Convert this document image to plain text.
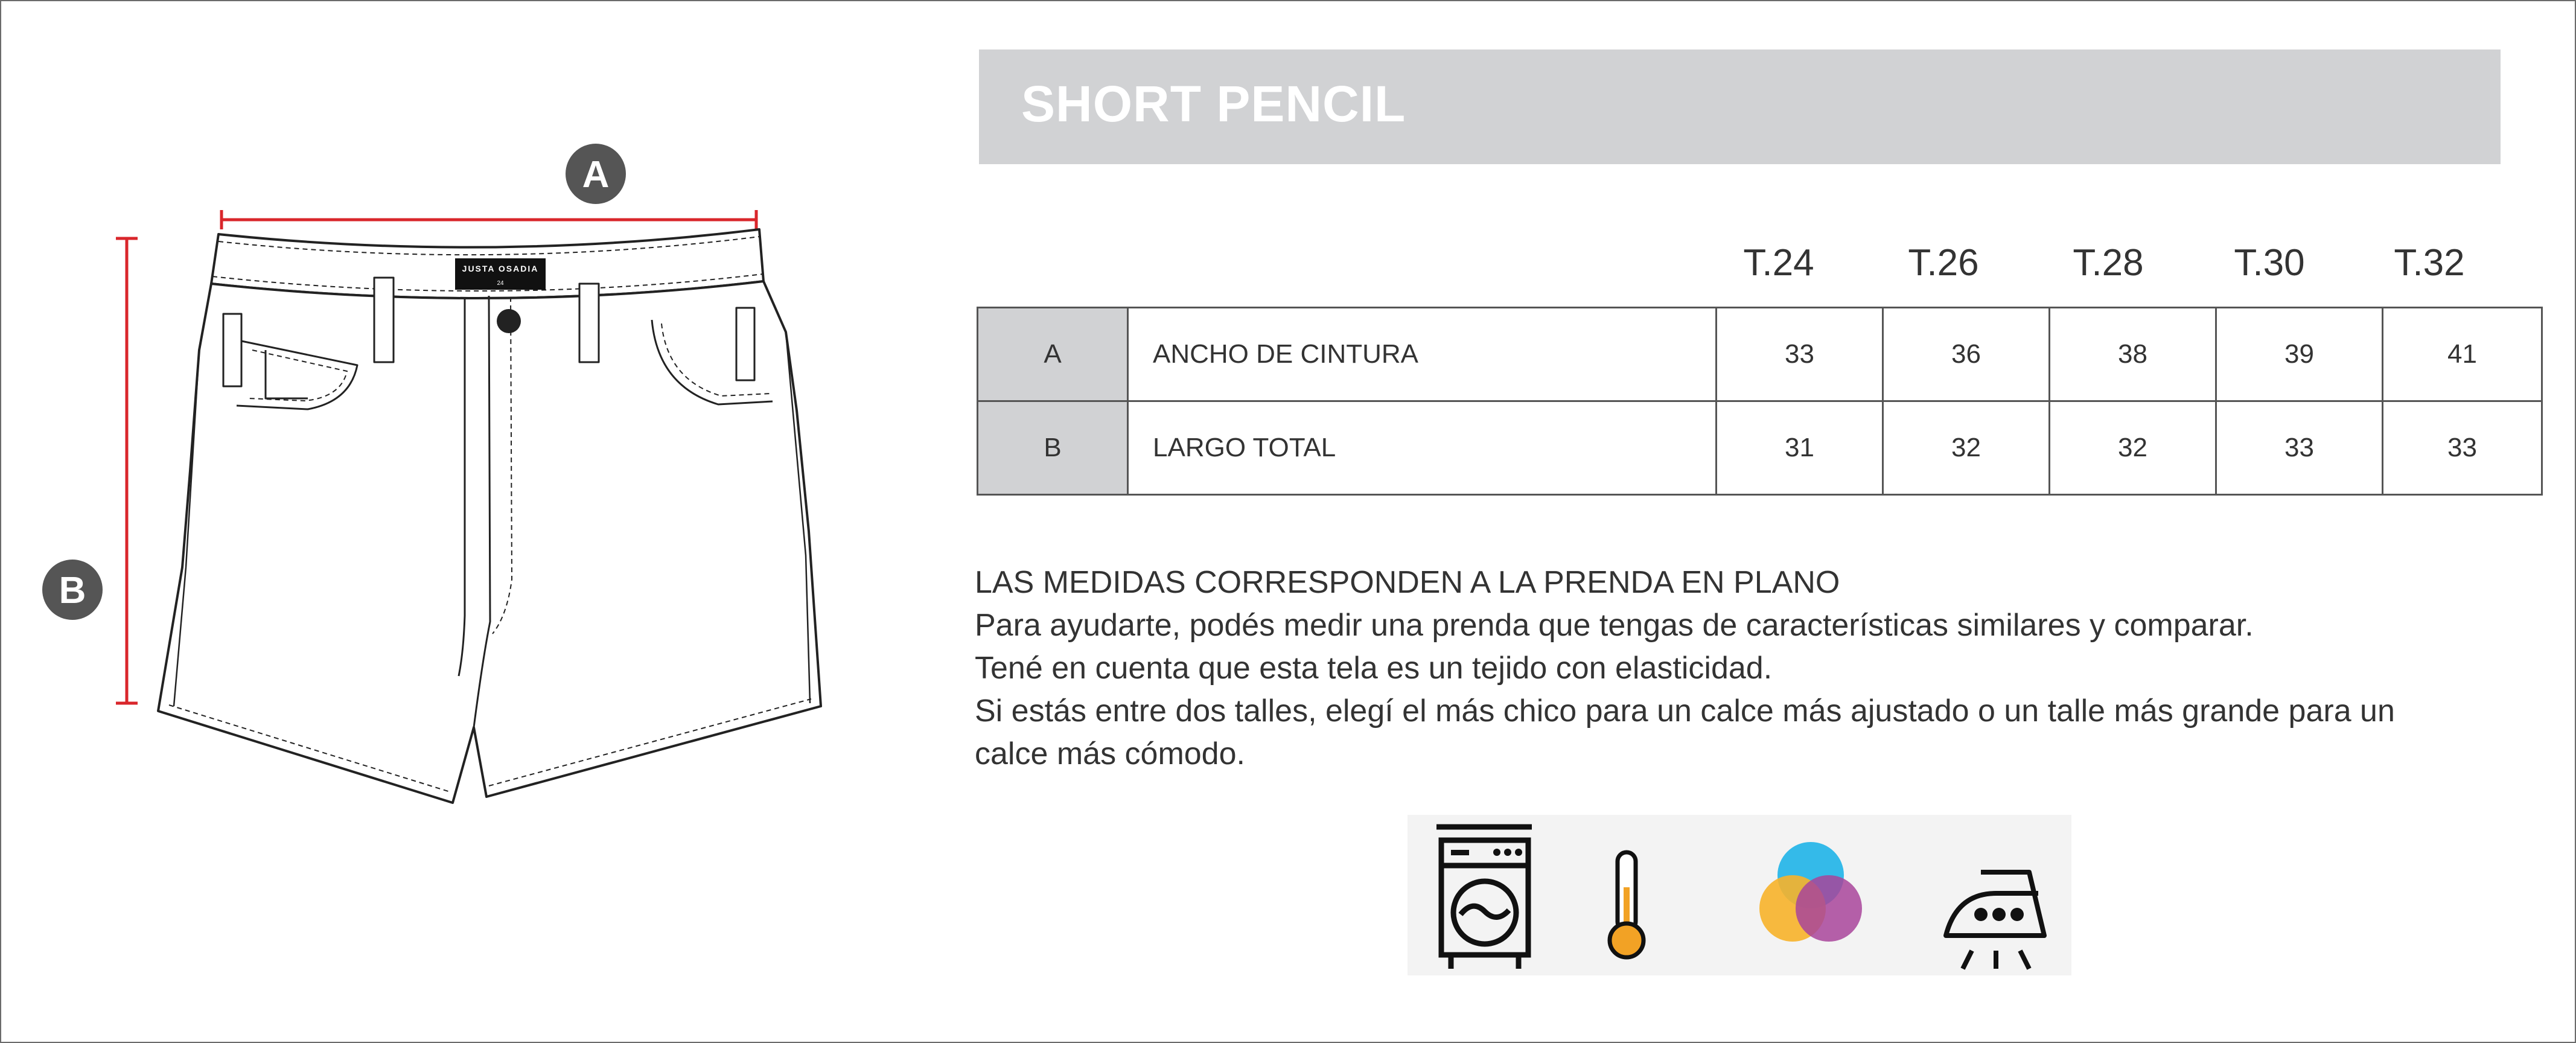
A
B
JUSTA OSADIA
24
SHORT PENCIL
T.24	T.26	T.28	T.30	T.32
A	ANCHO DE CINTURA	33	36	38	39	41
B	LARGO TOTAL	31	32	32	33	33

LAS MEDIDAS CORRESPONDEN A LA PRENDA EN PLANO

Para ayudarte, podés medir una prenda que tengas de características similares y comparar.

Tené en cuenta que esta tela es un tejido con elasticidad.

Si estás entre dos talles, elegí el más chico para un calce más ajustado o un talle más grande para un

calce más cómodo.
